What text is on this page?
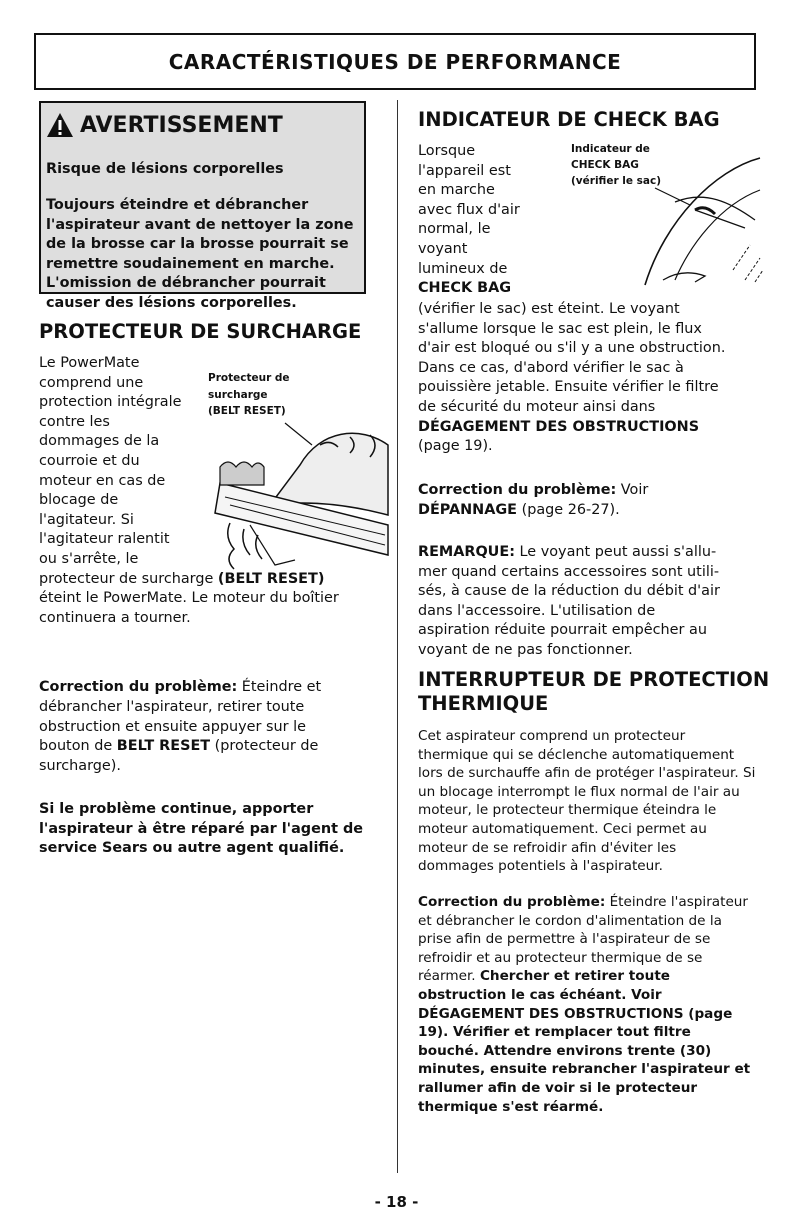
CARACTÉRISTIQUES DE PERFORMANCE
AVERTISSEMENT

Risque de lésions corporelles

Toujours éteindre et débrancher l'aspirateur avant de nettoyer la zone de la brosse car la brosse pourrait se remettre soudainement en marche. L'omission de débrancher pourrait causer des lésions corporelles.

PROTECTEUR DE SURCHARGE

Le PowerMate

comprend une

protection intégrale

contre les

dommages de la

courroie et du

moteur en cas de

blocage de

l'agitateur. Si

l'agitateur ralentit

ou s'arrête, le

protecteur de surcharge (BELT RESET)

éteint le PowerMate. Le moteur du boîtier

continuera a tourner.

Protecteur de

surcharge

(BELT RESET)

Correction du problème: Éteindre et

débrancher l'aspirateur, retirer toute

obstruction et ensuite appuyer sur le

bouton de BELT RESET (protecteur de

surcharge).

Si le problème continue, apporter l'aspirateur à être réparé par l'agent de service Sears ou autre agent qualifié.

INDICATEUR DE CHECK BAG

Lorsque

l'appareil est

en marche

avec flux d'air

normal, le

voyant

lumineux de

CHECK BAG

Indicateur de

CHECK BAG

(vérifier le sac)

(vérifier le sac) est éteint. Le voyant

s'allume lorsque le sac est plein, le flux

d'air est bloqué ou s'il y a une obstruction.

Dans ce cas, d'abord vérifier le sac à

pouissière jetable. Ensuite vérifier le filtre

de sécurité du moteur ainsi dans

DÉGAGEMENT DES OBSTRUCTIONS

(page 19).

Correction du problème: Voir

DÉPANNAGE (page 26-27).

REMARQUE: Le voyant peut aussi s'allu-

mer quand certains accessoires sont utili-

sés, à cause de la réduction du débit d'air

dans l'accessoire. L'utilisation de

aspiration réduite pourrait empêcher au

voyant de ne pas fonctionner.

INTERRUPTEUR DE PROTECTION

THERMIQUE

Cet aspirateur comprend un protecteur thermique qui se déclenche automatiquement lors de surchauffe afin de protéger l'aspirateur. Si un blocage interrompt le flux normal de l'air au moteur, le protecteur thermique éteindra le moteur automatiquement. Ceci permet au moteur de se refroidir afin d'éviter les dommages potentiels à l'aspirateur.

Correction du problème: Éteindre l'aspirateur et débrancher le cordon d'alimentation de la prise afin de permettre à l'aspirateur de se refroidir et au protecteur thermique de se réarmer. Chercher et retirer toute obstruction le cas échéant. Voir DÉGAGEMENT DES OBSTRUCTIONS (page 19). Vérifier et remplacer tout filtre bouché. Attendre environs trente (30) minutes, ensuite rebrancher l'aspirateur et rallumer afin de voir si le protecteur thermique s'est réarmé.

- 18 -
